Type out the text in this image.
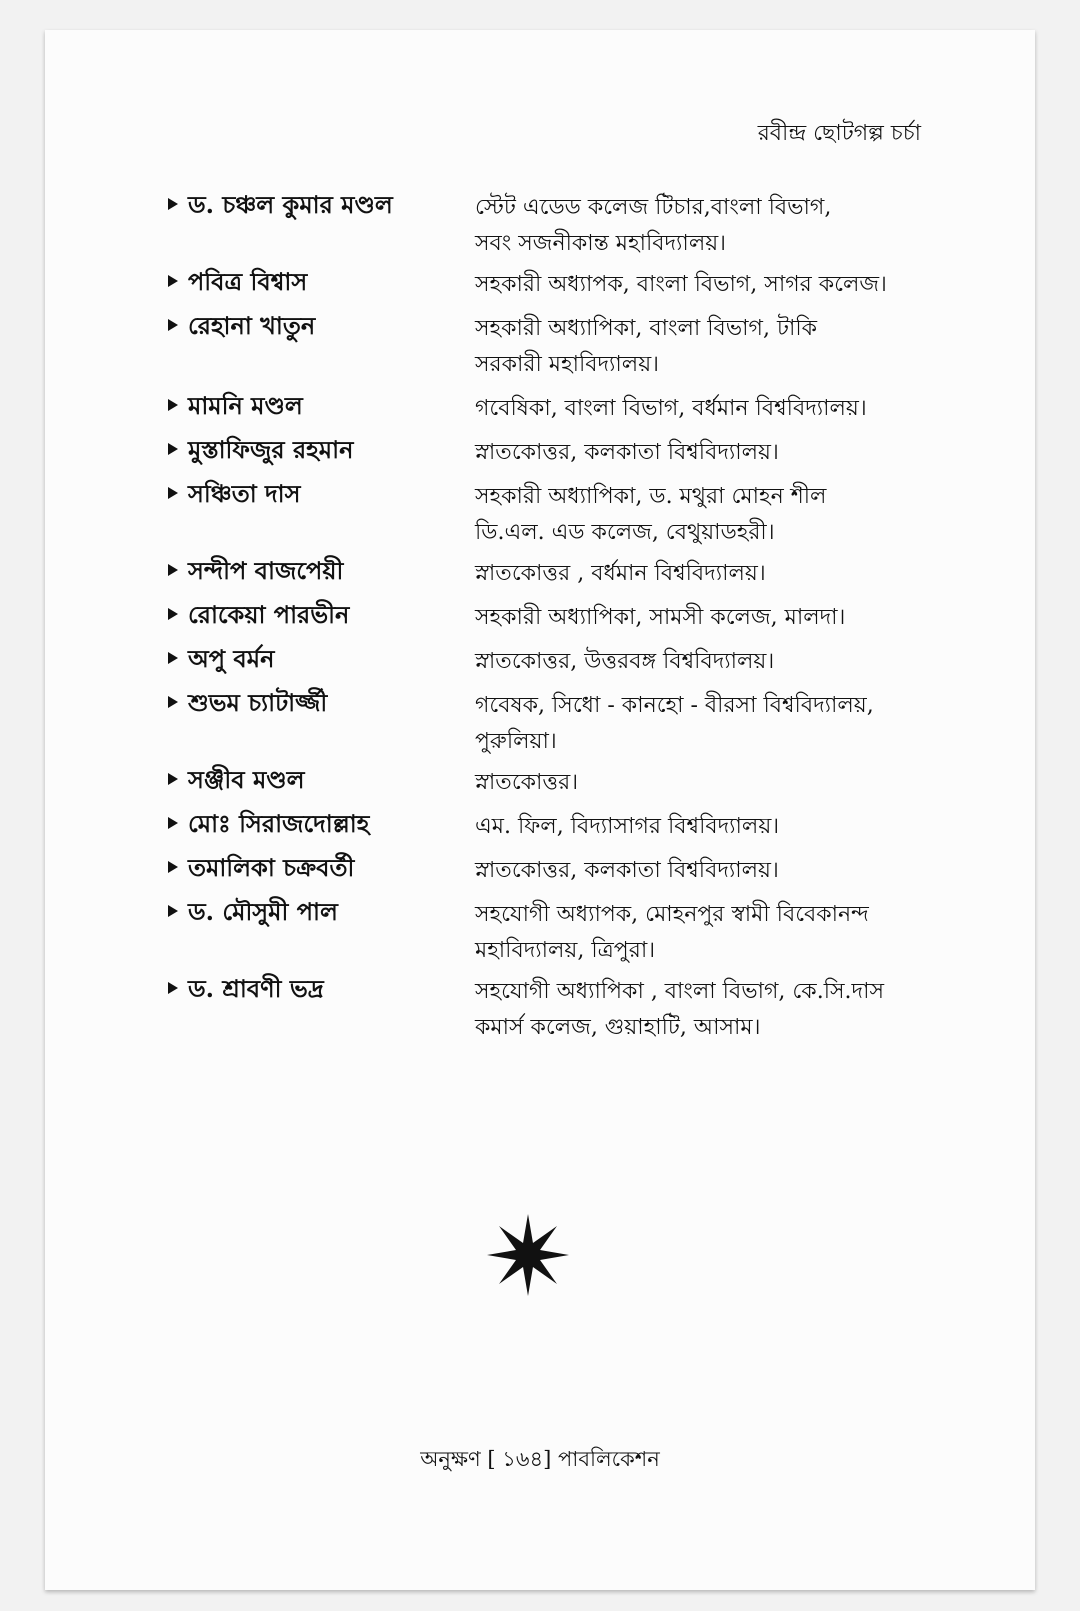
রবীন্দ্র ছোটগল্প চর্চা
ড. চঞ্চল কুমার মণ্ডল	স্টেট এডেড কলেজ টিচার,বাংলা বিভাগ,
সবং সজনীকান্ত মহাবিদ্যালয়।
পবিত্র বিশ্বাস	সহকারী অধ্যাপক, বাংলা বিভাগ, সাগর কলেজ।
রেহানা খাতুন	সহকারী অধ্যাপিকা, বাংলা বিভাগ, টাকি
সরকারী মহাবিদ্যালয়।
মামনি মণ্ডল	গবেষিকা, বাংলা বিভাগ, বর্ধমান বিশ্ববিদ্যালয়।
মুস্তাফিজুর রহমান	স্নাতকোত্তর, কলকাতা বিশ্ববিদ্যালয়।
সঞ্চিতা দাস	সহকারী অধ্যাপিকা, ড. মথুরা মোহন শীল
ডি.এল. এড কলেজ, বেথুয়াডহরী।
সন্দীপ বাজপেয়ী	স্নাতকোত্তর , বর্ধমান বিশ্ববিদ্যালয়।
রোকেয়া পারভীন	সহকারী অধ্যাপিকা, সামসী কলেজ, মালদা।
অপু বর্মন	স্নাতকোত্তর, উত্তরবঙ্গ বিশ্ববিদ্যালয়।
শুভম চ্যাটার্জ্জী	গবেষক, সিধো - কানহো - বীরসা বিশ্ববিদ্যালয়,
পুরুলিয়া।
সঞ্জীব মণ্ডল	স্নাতকোত্তর।
মোঃ সিরাজদোল্লাহ	এম. ফিল, বিদ্যাসাগর বিশ্ববিদ্যালয়।
তমালিকা চক্রবর্তী	স্নাতকোত্তর, কলকাতা বিশ্ববিদ্যালয়।
ড. মৌসুমী পাল	সহযোগী অধ্যাপক, মোহনপুর স্বামী বিবেকানন্দ
মহাবিদ্যালয়, ত্রিপুরা।
ড. শ্রাবণী ভদ্র	সহযোগী অধ্যাপিকা , বাংলা বিভাগ, কে.সি.দাস
কমার্স কলেজ, গুয়াহাটি, আসাম।
অনুক্ষণ [ ১৬৪] পাবলিকেশন
